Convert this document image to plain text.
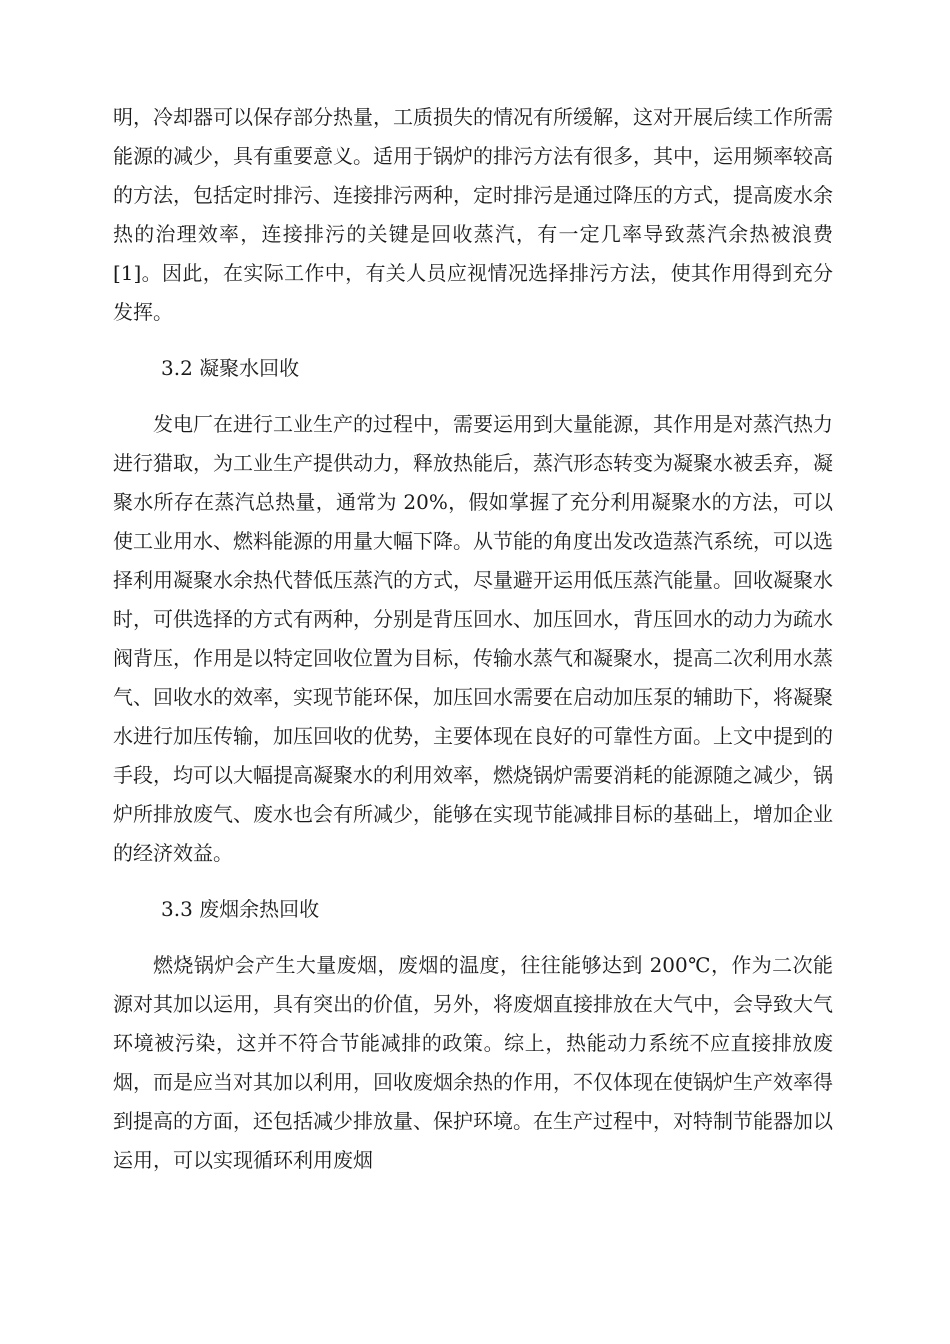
明，冷却器可以保存部分热量，工质损失的情况有所缓解，这对开展后续工作所需能源的减少，具有重要意义。适用于锅炉的排污方法有很多，其中，运用频率较高的方法，包括定时排污、连接排污两种，定时排污是通过降压的方式，提高废水余热的治理效率，连接排污的关键是回收蒸汽，有一定几率导致蒸汽余热被浪费[1]。因此，在实际工作中，有关人员应视情况选择排污方法，使其作用得到充分发挥。

3.2 凝聚水回收

发电厂在进行工业生产的过程中，需要运用到大量能源，其作用是对蒸汽热力进行猎取，为工业生产提供动力，释放热能后，蒸汽形态转变为凝聚水被丢弃，凝聚水所存在蒸汽总热量，通常为 20%，假如掌握了充分利用凝聚水的方法，可以使工业用水、燃料能源的用量大幅下降。从节能的角度出发改造蒸汽系统，可以选择利用凝聚水余热代替低压蒸汽的方式，尽量避开运用低压蒸汽能量。回收凝聚水时，可供选择的方式有两种，分别是背压回水、加压回水，背压回水的动力为疏水阀背压，作用是以特定回收位置为目标，传输水蒸气和凝聚水，提高二次利用水蒸气、回收水的效率，实现节能环保，加压回水需要在启动加压泵的辅助下，将凝聚水进行加压传输，加压回收的优势，主要体现在良好的可靠性方面。上文中提到的手段，均可以大幅提高凝聚水的利用效率，燃烧锅炉需要消耗的能源随之减少，锅炉所排放废气、废水也会有所减少，能够在实现节能减排目标的基础上，增加企业的经济效益。

3.3 废烟余热回收

燃烧锅炉会产生大量废烟，废烟的温度，往往能够达到 200℃，作为二次能源对其加以运用，具有突出的价值，另外，将废烟直接排放在大气中，会导致大气环境被污染，这并不符合节能减排的政策。综上，热能动力系统不应直接排放废烟，而是应当对其加以利用，回收废烟余热的作用，不仅体现在使锅炉生产效率得到提高的方面，还包括减少排放量、保护环境。在生产过程中，对特制节能器加以运用，可以实现循环利用废烟
